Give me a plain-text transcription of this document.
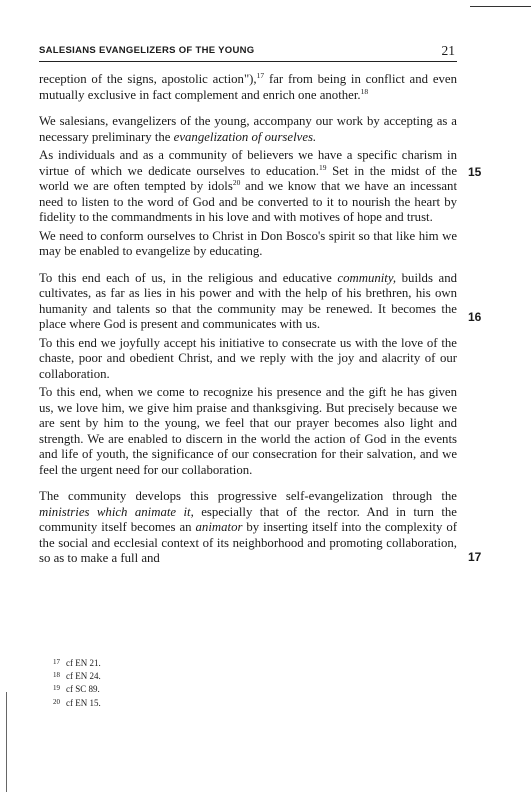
SALESIANS EVANGELIZERS OF THE YOUNG	21

reception of the signs, apostolic action"),$^{17}$ far from being in conflict and even mutually exclusive in fact complement and enrich one another.$^{18}$

We salesians, evangelizers of the young, accompany our work by accepting as a necessary preliminary the evangelization of ourselves.

As individuals and as a community of believers we have a specific charism in virtue of which we dedicate ourselves to education.$^{19}$ Set in the midst of the world we are often tempted by idols$^{20}$ and we know that we have an incessant need to listen to the word of God and be converted to it to nourish the heart by fidelity to the commandments in his love and with motives of hope and trust.

We need to conform ourselves to Christ in Don Bosco's spirit so that like him we may be enabled to evangelize by educating.

To this end each of us, in the religious and educative community, builds and cultivates, as far as lies in his power and with the help of his brethren, his own humanity and talents so that the community may be renewed. It becomes the place where God is present and communicates with us.

To this end we joyfully accept his initiative to consecrate us with the love of the chaste, poor and obedient Christ, and we reply with the joy and alacrity of our collaboration.

To this end, when we come to recognize his presence and the gift he has given us, we love him, we give him praise and thanksgiving. But precisely because we are sent by him to the young, we feel that our prayer becomes also light and strength. We are enabled to discern in the world the action of God in the events and life of youth, the significance of our consecration for their salvation, and we feel the urgent need for our collaboration.

The community develops this progressive self-evangelization through the ministries which animate it, especially that of the rector. And in turn the community itself becomes an animator by inserting itself into the complexity of the social and ecclesial context of its neighborhood and promoting collaboration, so as to make a full and

15
16
17
17 cf EN 21.
18 cf EN 24.
19 cf SC 89.
20 cf EN 15.
